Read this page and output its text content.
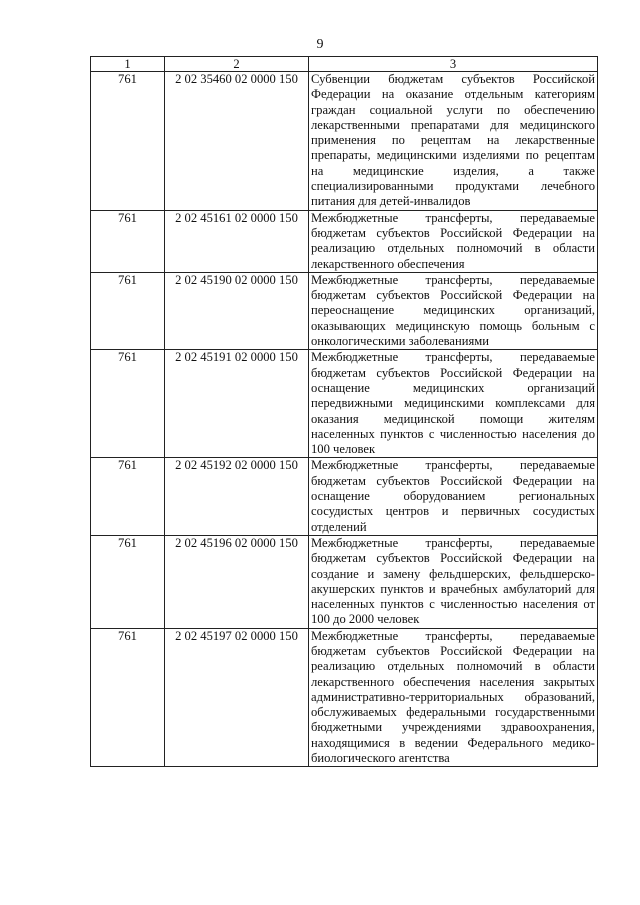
9
1	2	3
761	2 02 35460 02 0000 150	Субвенции бюджетам субъектов Российской Федерации на оказание отдельным категориям граждан социальной услуги по обеспечению лекарственными препаратами для медицинского применения по рецептам на лекарственные препараты, медицинскими изделиями по рецептам на медицинские изделия, а также специализированными продуктами лечебного питания для детей-инвалидов
761	2 02 45161 02 0000 150	Межбюджетные трансферты, передаваемые бюджетам субъектов Российской Федерации на реализацию отдельных полномочий в области лекарственного обеспечения
761	2 02 45190 02 0000 150	Межбюджетные трансферты, передаваемые бюджетам субъектов Российской Федерации на переоснащение медицинских организаций, оказывающих медицинскую помощь больным с онкологическими заболеваниями
761	2 02 45191 02 0000 150	Межбюджетные трансферты, передаваемые бюджетам субъектов Российской Федерации на оснащение медицинских организаций передвижными медицинскими комплексами для оказания медицинской помощи жителям населенных пунктов с численностью населения до 100 человек
761	2 02 45192 02 0000 150	Межбюджетные трансферты, передаваемые бюджетам субъектов Российской Федерации на оснащение оборудованием региональных сосудистых центров и первичных сосудистых отделений
761	2 02 45196 02 0000 150	Межбюджетные трансферты, передаваемые бюджетам субъектов Российской Федерации на создание и замену фельдшерских, фельдшерско-акушерских пунктов и врачебных амбулаторий для населенных пунктов с численностью населения от 100 до 2000 человек
761	2 02 45197 02 0000 150	Межбюджетные трансферты, передаваемые бюджетам субъектов Российской Федерации на реализацию отдельных полномочий в области лекарственного обеспечения населения закрытых административно-территориальных образований, обслуживаемых федеральными государственными бюджетными учреждениями здравоохранения, находящимися в ведении Федерального медико-биологического агентства
